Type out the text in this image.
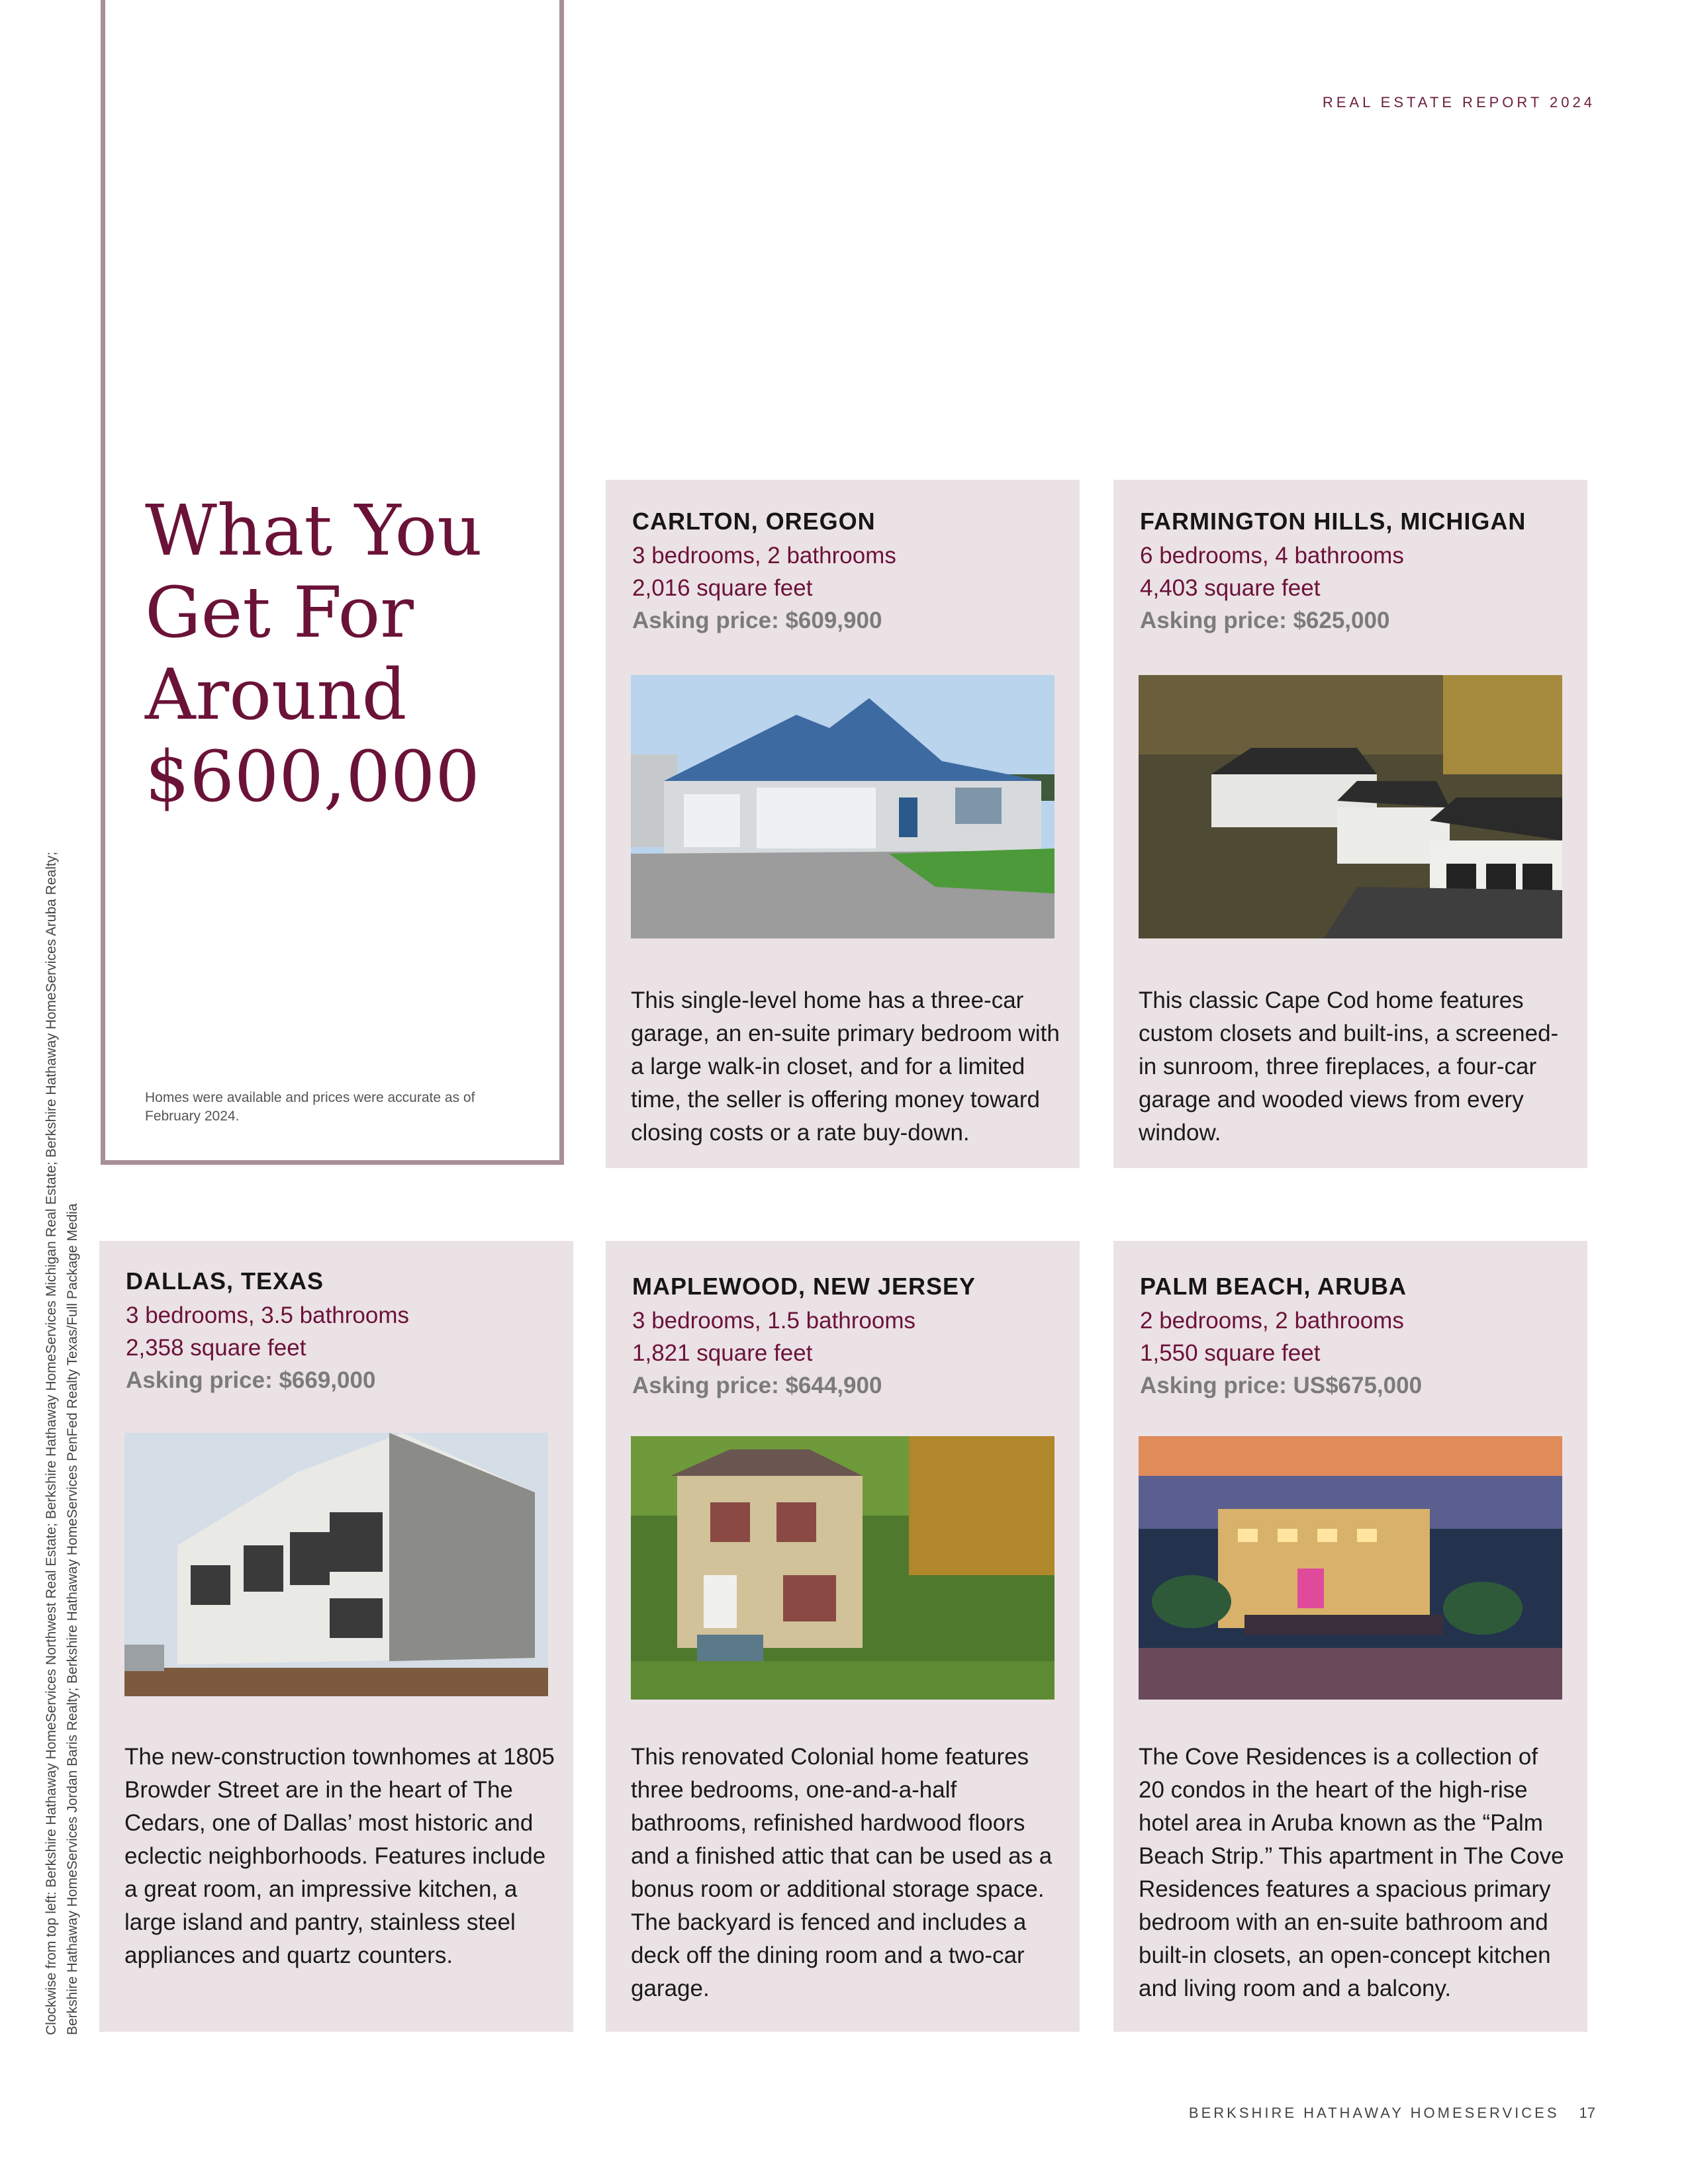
REAL ESTATE REPORT 2024
What You
Get For
Around
$600,000
Homes were available and prices were accurate as of February 2024.
Clockwise from top left: Berkshire Hathaway HomeServices Northwest Real Estate; Berkshire Hathaway HomeServices Michigan Real Estate; Berkshire Hathaway HomeServices Aruba Realty; Berkshire Hathaway HomeServices Jordan Baris Realty; Berkshire Hathaway HomeServices PenFed Realty Texas/Full Package Media
CARLTON, OREGON
3 bedrooms, 2 bathrooms
2,016 square feet
Asking price: $609,900
This single-level home has a three-car garage, an en-suite primary bedroom with a large walk-in closet, and for a limited time, the seller is offering money toward closing costs or a rate buy-down.
FARMINGTON HILLS, MICHIGAN
6 bedrooms, 4 bathrooms
4,403 square feet
Asking price: $625,000
This classic Cape Cod home features custom closets and built-ins, a screened-in sunroom, three fireplaces, a four-car garage and wooded views from every window.
DALLAS, TEXAS
3 bedrooms, 3.5 bathrooms
2,358 square feet
Asking price: $669,000
The new-construction townhomes at 1805 Browder Street are in the heart of The Cedars, one of Dallas’ most historic and eclectic neighborhoods. Features include a great room, an impressive kitchen, a large island and pantry, stainless steel appliances and quartz counters.
MAPLEWOOD, NEW JERSEY
3 bedrooms, 1.5 bathrooms
1,821 square feet
Asking price: $644,900
This renovated Colonial home features three bedrooms, one-and-a-half bathrooms, refinished hardwood floors and a finished attic that can be used as a bonus room or additional storage space. The backyard is fenced and includes a deck off the dining room and a two-car garage.
PALM BEACH, ARUBA
2 bedrooms, 2 bathrooms
1,550 square feet
Asking price: US$675,000
The Cove Residences is a collection of 20 condos in the heart of the high-rise hotel area in Aruba known as the “Palm Beach Strip.” This apartment in The Cove Residences features a spacious primary bedroom with an en-suite bathroom and built-in closets, an open-concept kitchen and living room and a balcony.
BERKSHIRE HATHAWAY HOMESERVICES 17
